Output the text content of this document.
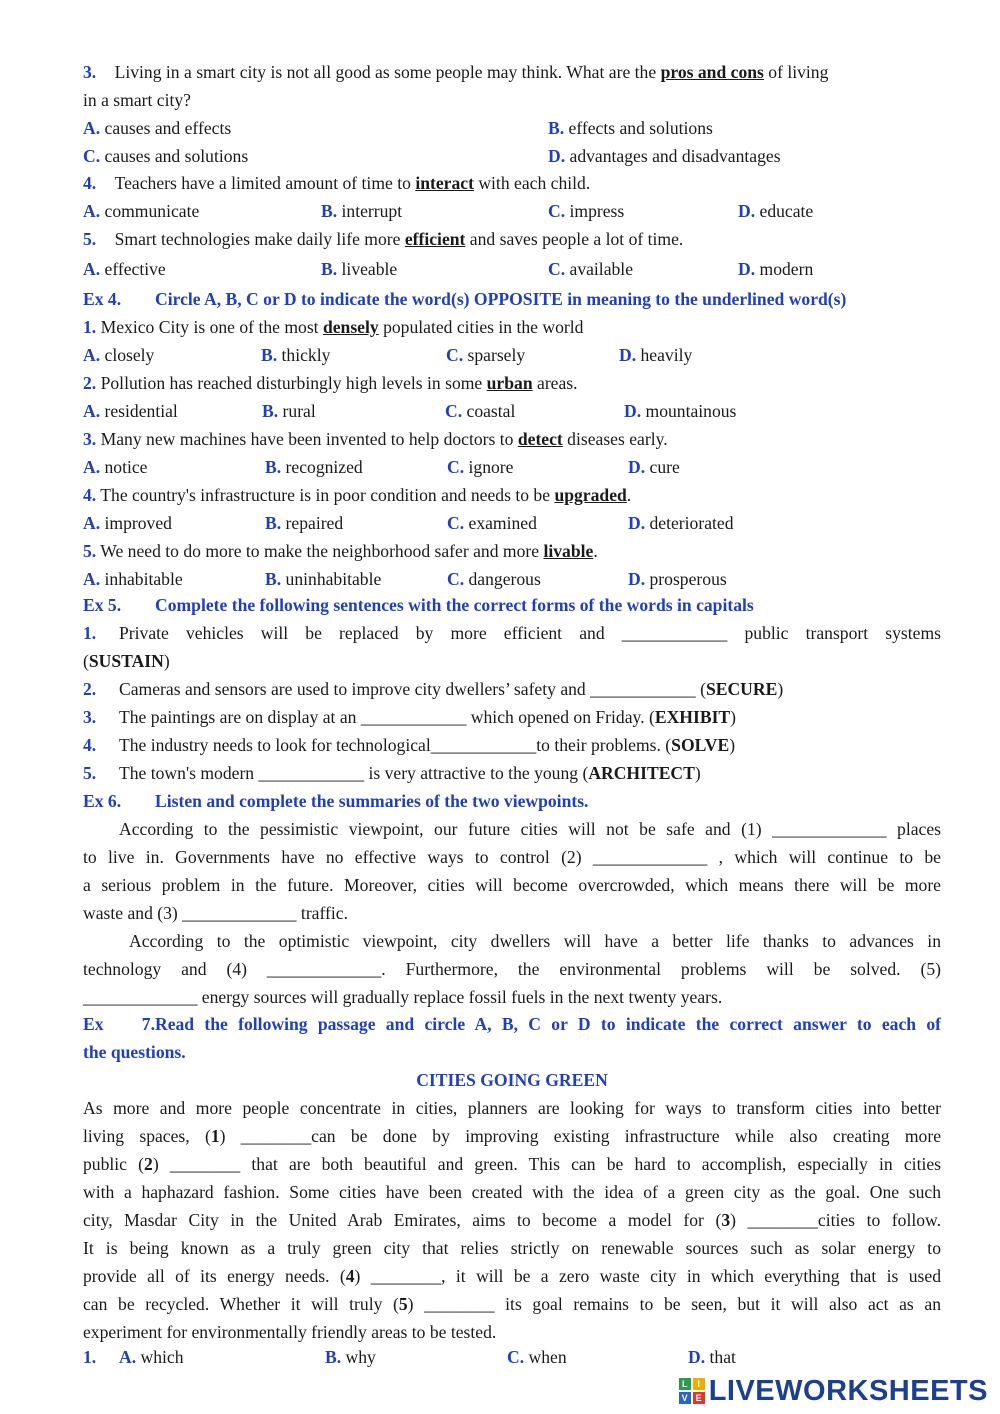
3. Living in a smart city is not all good as some people may think. What are the pros and cons of living
in a smart city?
A. causes and effects	B. effects and solutions
C. causes and solutions	D. advantages and disadvantages
4. Teachers have a limited amount of time to interact with each child.
A. communicate	B. interrupt	C. impress	D. educate
5. Smart technologies make daily life more efficient and saves people a lot of time.
A. effective	B. liveable	C. available	D. modern
Ex 4. Circle A, B, C or D to indicate the word(s) OPPOSITE in meaning to the underlined word(s)
1. Mexico City is one of the most densely populated cities in the world
A. closely	B. thickly	C. sparsely	D. heavily
2. Pollution has reached disturbingly high levels in some urban areas.
A. residential	B. rural	C. coastal	D. mountainous
3. Many new machines have been invented to help doctors to detect diseases early.
A. notice	B. recognized	C. ignore	D. cure
4. The country's infrastructure is in poor condition and needs to be upgraded.
A. improved	B. repaired	C. examined	D. deteriorated
5. We need to do more to make the neighborhood safer and more livable.
A. inhabitable	B. uninhabitable	C. dangerous	D. prosperous
Ex 5. Complete the following sentences with the correct forms of the words in capitals
1. Private vehicles will be replaced by more efficient and ____________ public transport systems
(SUSTAIN)
2. Cameras and sensors are used to improve city dwellers’ safety and ____________ (SECURE)
3. The paintings are on display at an ____________ which opened on Friday. (EXHIBIT)
4. The industry needs to look for technological____________to their problems. (SOLVE)
5. The town's modern ____________ is very attractive to the young (ARCHITECT)
Ex 6. Listen and complete the summaries of the two viewpoints.
According to the pessimistic viewpoint, our future cities will not be safe and (1) _____________ places
to live in. Governments have no effective ways to control (2) _____________ , which will continue to be
a serious problem in the future. Moreover, cities will become overcrowded, which means there will be more
waste and (3) _____________ traffic.
According to the optimistic viewpoint, city dwellers will have a better life thanks to advances in
technology and (4) _____________. Furthermore, the environmental problems will be solved. (5)
_____________ energy sources will gradually replace fossil fuels in the next twenty years.
Ex 7.Read the following passage and circle A, B, C or D to indicate the correct answer to each of
the questions.
CITIES GOING GREEN
As more and more people concentrate in cities, planners are looking for ways to transform cities into better
living spaces, (1) ________can be done by improving existing infrastructure while also creating more
public (2) ________ that are both beautiful and green. This can be hard to accomplish, especially in cities
with a haphazard fashion. Some cities have been created with the idea of a green city as the goal. One such
city, Masdar City in the United Arab Emirates, aims to become a model for (3) ________cities to follow.
It is being known as a truly green city that relies strictly on renewable sources such as solar energy to
provide all of its energy needs. (4) ________, it will be a zero waste city in which everything that is used
can be recycled. Whether it will truly (5) ________ its goal remains to be seen, but it will also act as an
experiment for environmentally friendly areas to be tested.
1. A. which	B. why	C. when	D. that
L	I
V E LIVEWORKSHEETS
